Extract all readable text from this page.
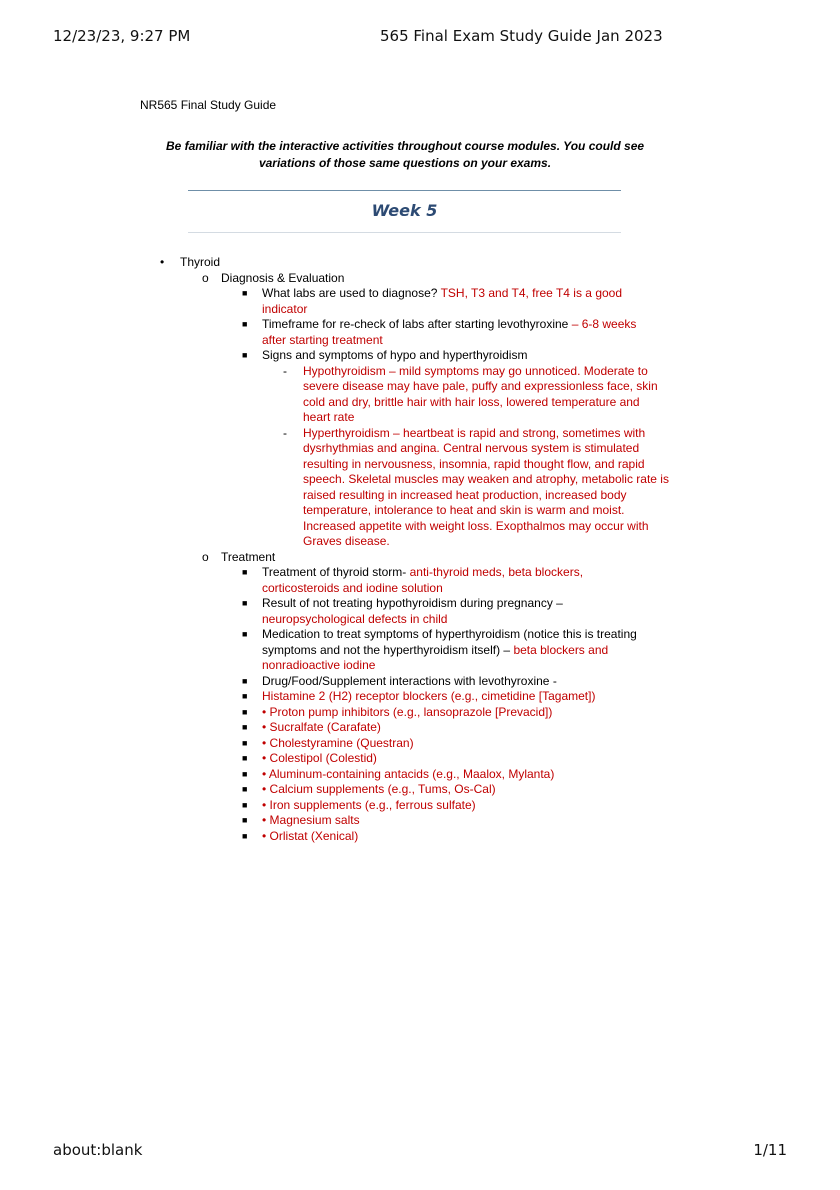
12/23/23, 9:27 PM	565 Final Exam Study Guide Jan 2023
NR565 Final Study Guide
Be familiar with the interactive activities throughout course modules. You could see variations of those same questions on your exams.
Week 5
• Thyroid
o Diagnosis & Evaluation
■ What labs are used to diagnose? TSH, T3 and T4, free T4 is a good indicator
■ Timeframe for re-check of labs after starting levothyroxine – 6-8 weeks after starting treatment
■ Signs and symptoms of hypo and hyperthyroidism
- Hypothyroidism – mild symptoms may go unnoticed. Moderate to severe disease may have pale, puffy and expressionless face, skin cold and dry, brittle hair with hair loss, lowered temperature and heart rate
- Hyperthyroidism – heartbeat is rapid and strong, sometimes with dysrhythmias and angina. Central nervous system is stimulated resulting in nervousness, insomnia, rapid thought flow, and rapid speech. Skeletal muscles may weaken and atrophy, metabolic rate is raised resulting in increased heat production, increased body temperature, intolerance to heat and skin is warm and moist. Increased appetite with weight loss. Exopthalmos may occur with Graves disease.
o Treatment
■ Treatment of thyroid storm- anti-thyroid meds, beta blockers, corticosteroids and iodine solution
■ Result of not treating hypothyroidism during pregnancy – neuropsychological defects in child
■ Medication to treat symptoms of hyperthyroidism (notice this is treating symptoms and not the hyperthyroidism itself) – beta blockers and nonradioactive iodine
■ Drug/Food/Supplement interactions with levothyroxine -
■ Histamine 2 (H2) receptor blockers (e.g., cimetidine [Tagamet])
■ • Proton pump inhibitors (e.g., lansoprazole [Prevacid])
■ • Sucralfate (Carafate)
■ • Cholestyramine (Questran)
■ • Colestipol (Colestid)
■ • Aluminum-containing antacids (e.g., Maalox, Mylanta)
■ • Calcium supplements (e.g., Tums, Os-Cal)
■ • Iron supplements (e.g., ferrous sulfate)
■ • Magnesium salts
■ • Orlistat (Xenical)
about:blank	1/11
